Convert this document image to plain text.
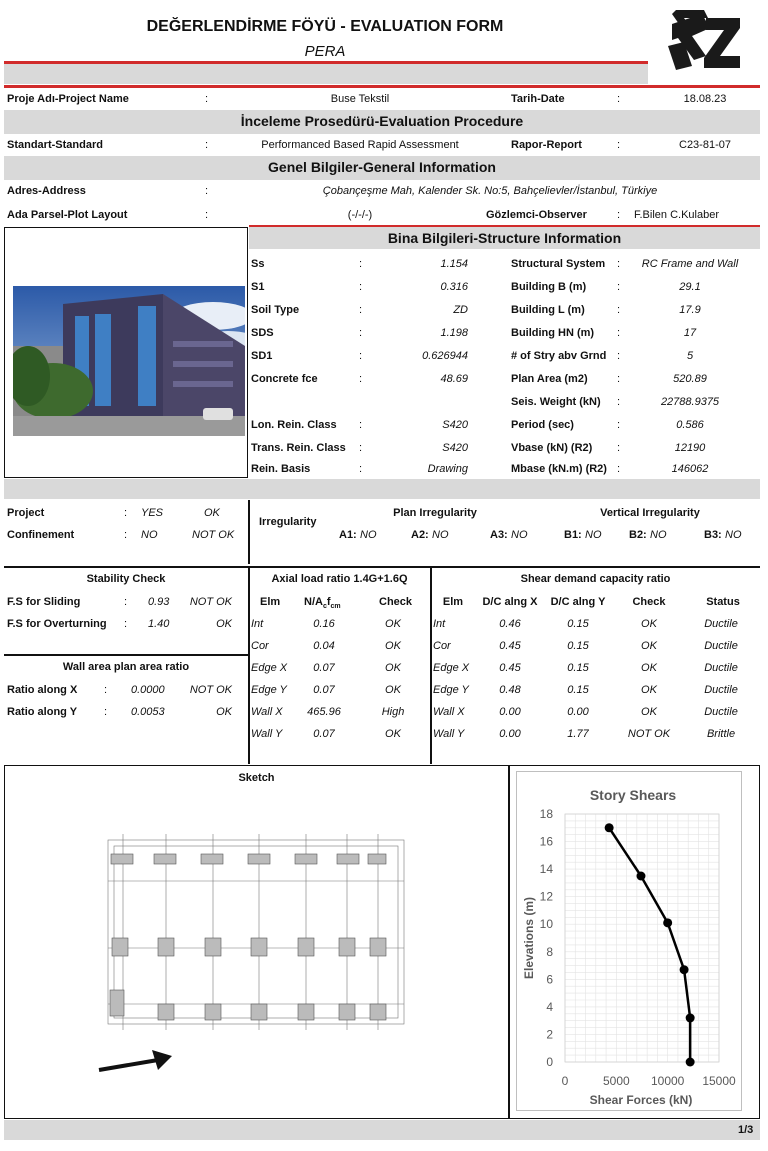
DEĞERLENDİRME FÖYÜ - EVALUATION FORM
PERA
Proje Adı-Project Name	:	Buse Tekstil	Tarih-Date	:	18.08.23
İnceleme Prosedürü-Evaluation Procedure
Standart-Standard	:	Performanced Based Rapid Assessment	Rapor-Report	:	C23-81-07
Genel Bilgiler-General Information
Adres-Address	:	Çobançeşme Mah, Kalender Sk. No:5, Bahçelievler/İstanbul, Türkiye
Ada Parsel-Plot Layout	:	(-/-/-)	Gözlemci-Observer	: F.Bilen C.Kulaber
Bina Bilgileri-Structure Information
Project	: YES	OK
Confinement	: NO	NOT OK
Irregularity
Plan Irregularity	Vertical Irregularity
Stability Check
Wall area plan area ratio
Axial load ratio 1.4G+1.6Q
Elm $N/A_cf_{cm}$	Check
Shear demand capacity ratio
Sketch
Story Shears
0
2
4
6
8
10
12
14
16
18
0	5000 10000 15000
Shear Forces (kN)
Elevations (m)
1/3
Ss	:	1.154
S1	:	0.316
Soil Type	:	ZD
SDS	:	1.198
SD1	:	0.626944
Concrete fce	:	48.69
Lon. Rein. Class :	S420
Trans. Rein. Class :	S420
Rein. Basis	:	Drawing
Structural System : RC Frame and Wall
Building B (m)	:	29.1
Building L (m)	:	17.9
Building HN (m) :	17
# of Stry abv Grnd :	5
Plan Area (m2)	:	520.89
Seis. Weight (kN) :	22788.9375
Period (sec)	:	0.586
Vbase (kN) (R2) :	12190
Mbase (kN.m) (R2) :	146062
A1: NO	A2: NO	A3: NO	B1: NO	B2: NO	B3: NO
F.S for Sliding	: 0.93	NOT OK
F.S for Overturning : 1.40	OK
Ratio along X : 0.0000	NOT OK
Ratio along Y : 0.0053	OK
Int	0.16	OK
Cor	0.04	OK
Edge X	0.07	OK
Edge Y	0.07	OK
Wall X	465.96	High
Wall Y	0.07	OK
Elm	D/C alng X	D/C alng Y	Check	Status
Int	0.46	0.15	OK	Ductile
Cor	0.45	0.15	OK	Ductile
Edge X	0.45	0.15	OK	Ductile
Edge Y	0.48	0.15	OK	Ductile
Wall X	0.00	0.00	OK	Ductile
Wall Y	0.00	1.77	NOT OK	Brittle
